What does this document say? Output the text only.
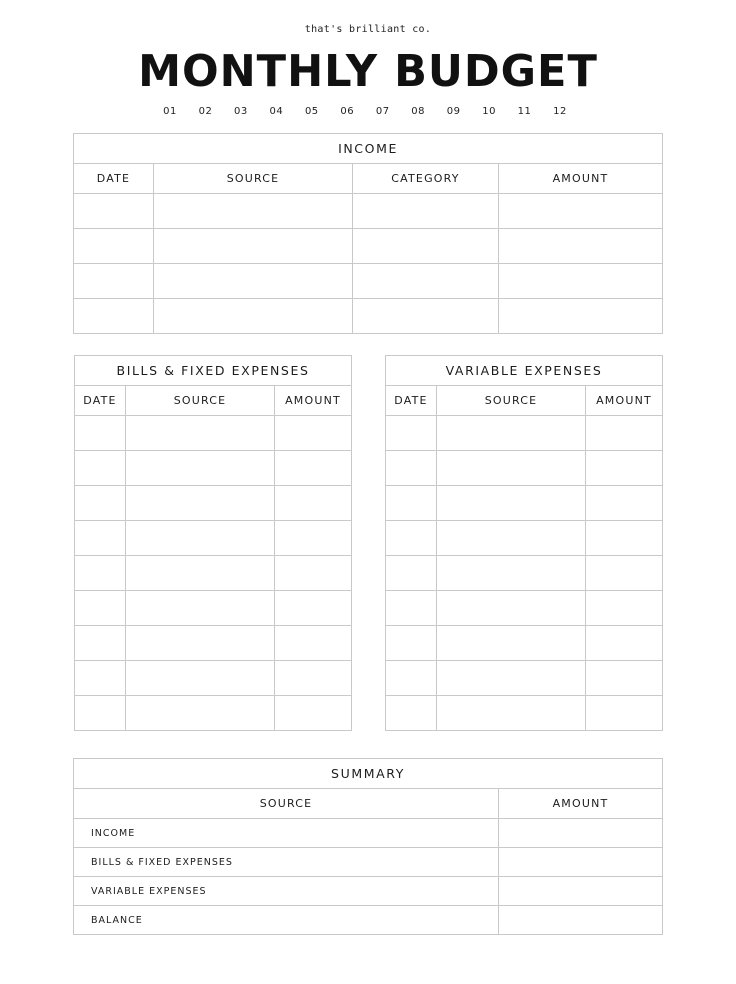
that's brilliant co.
MONTHLY BUDGET
01	02	03	04	05	06	07	08	09	10	11	12
INCOME			
DATE	SOURCE	CATEGORY	AMOUNT

BILLS & FIXED EXPENSES		
DATE	SOURCE	AMOUNT

VARIABLE EXPENSES		
DATE	SOURCE	AMOUNT

SUMMARY	
SOURCE	AMOUNT
INCOME	
BILLS & FIXED EXPENSES	
VARIABLE EXPENSES	
BALANCE	
